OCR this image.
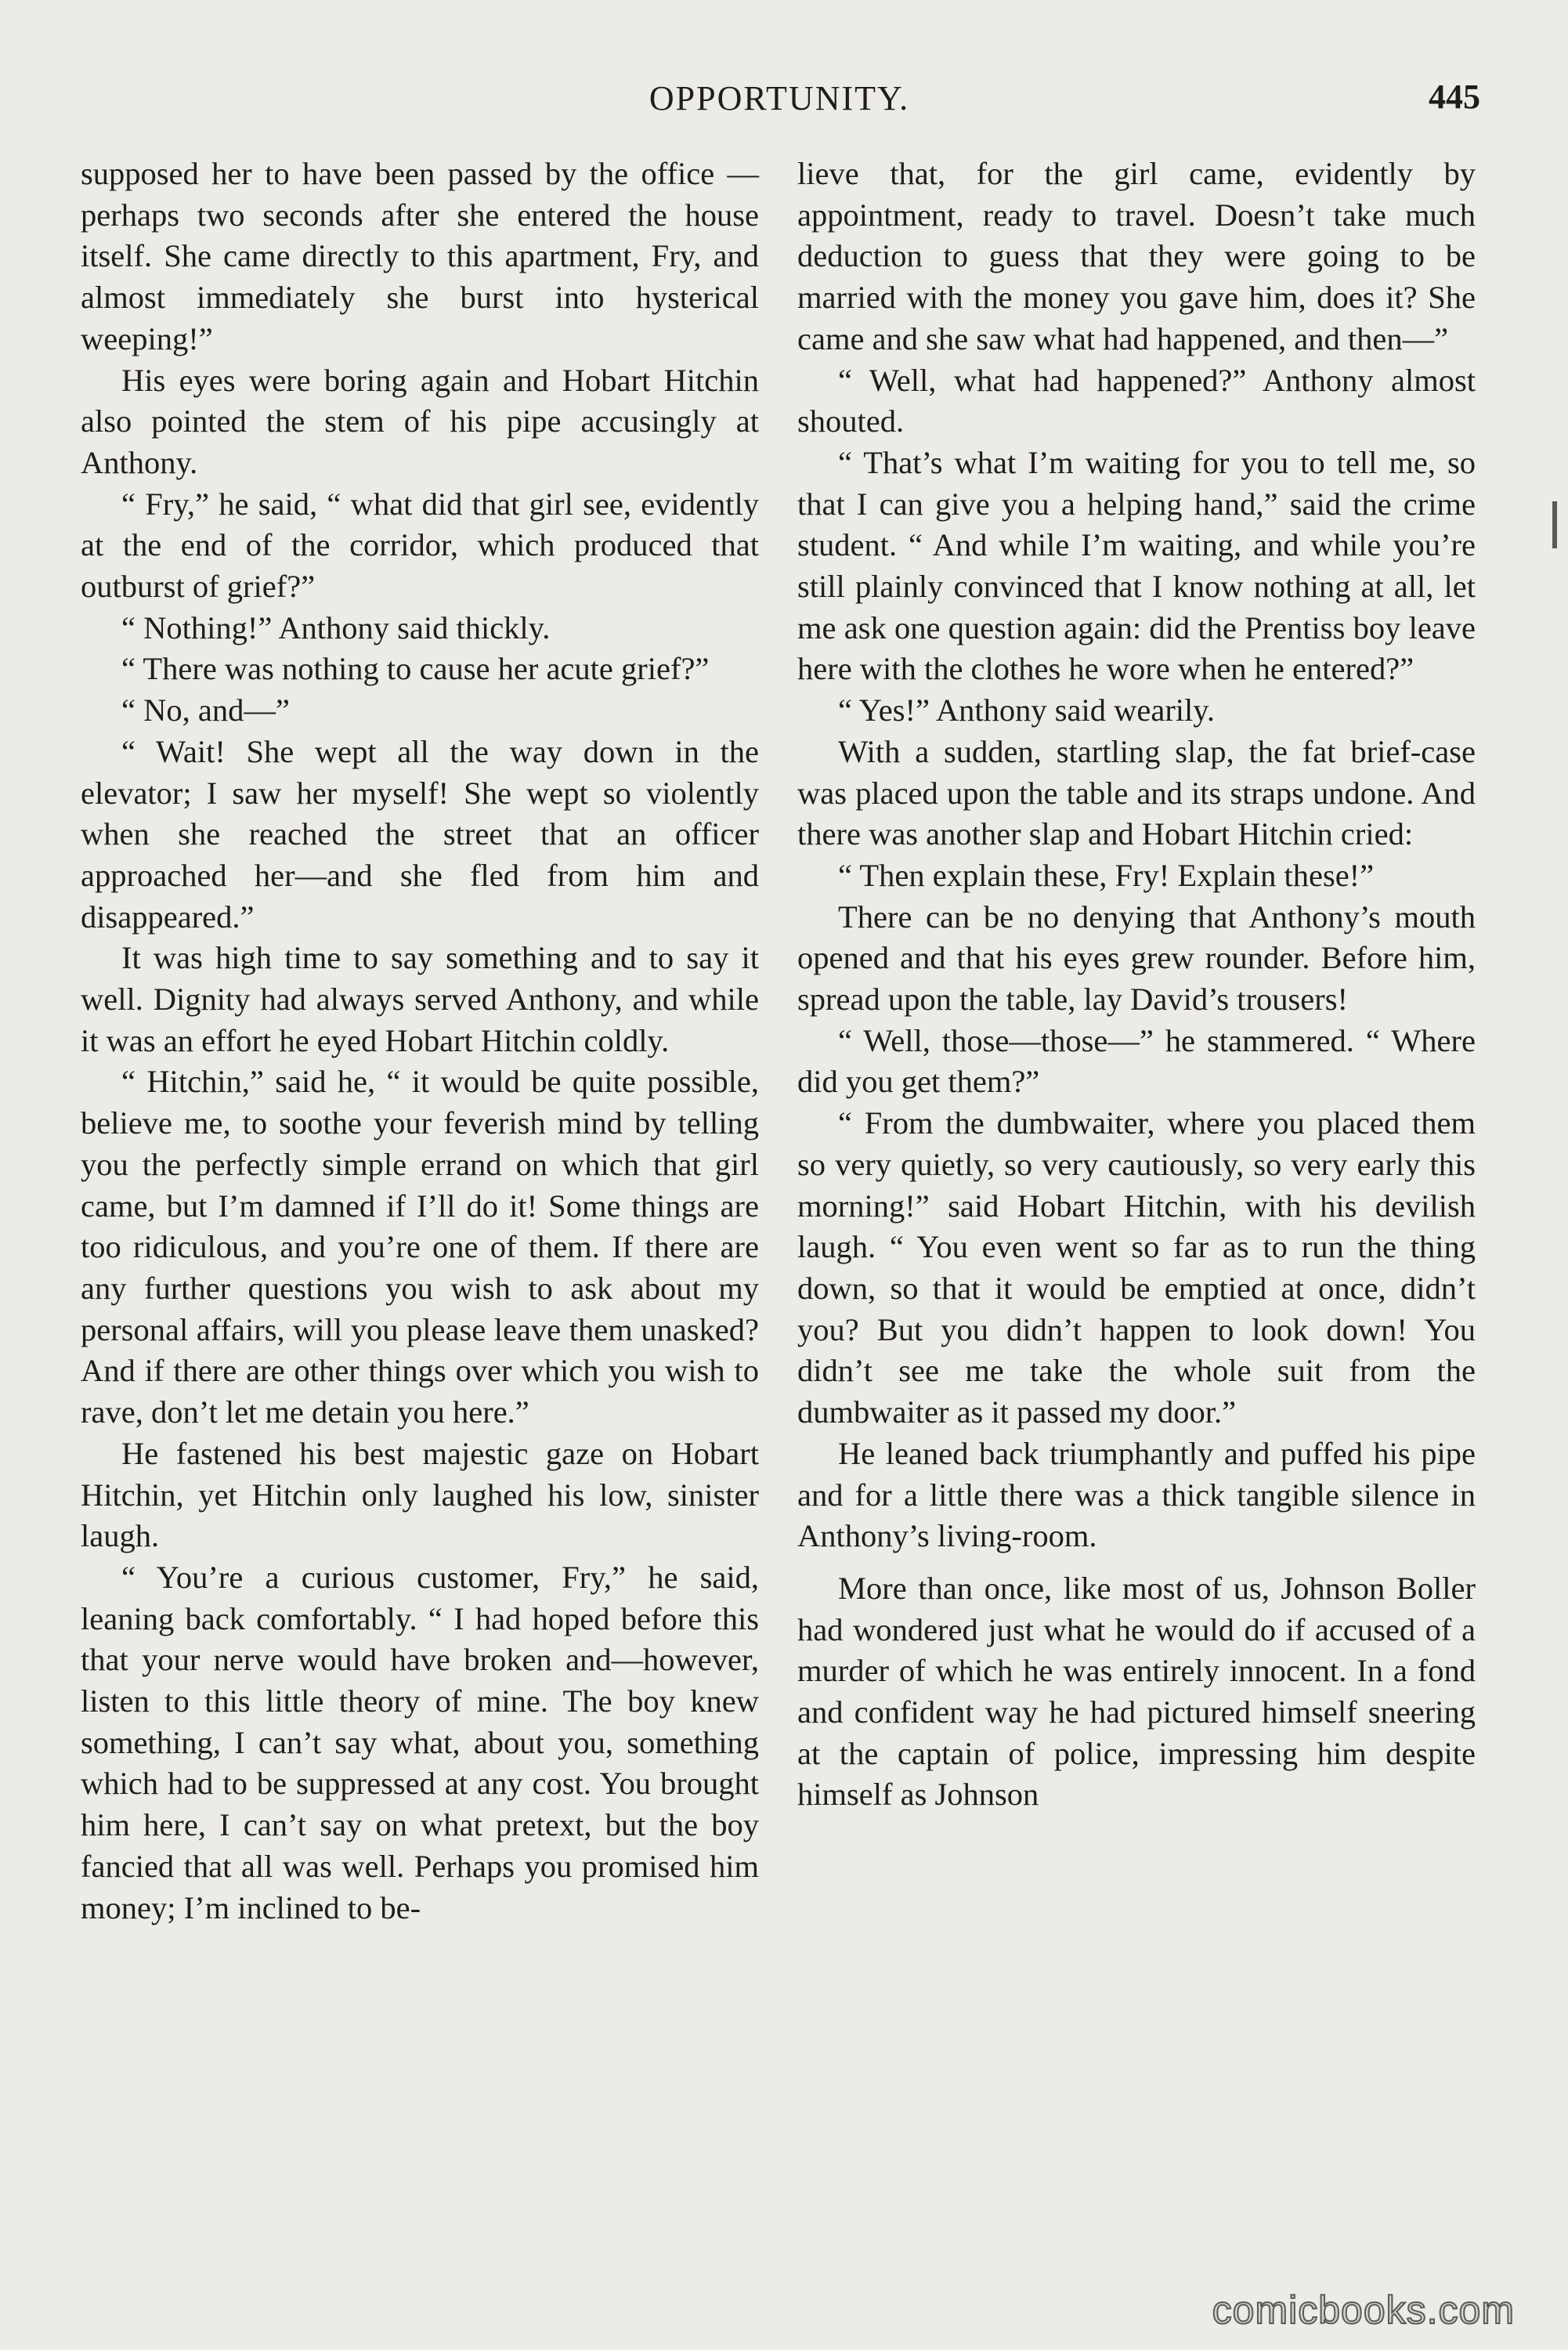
OPPORTUNITY.	445

supposed her to have been passed by the office — perhaps two seconds after she entered the house itself. She came directly to this apartment, Fry, and almost immediately she burst into hysterical weeping!”

His eyes were boring again and Hobart Hitchin also pointed the stem of his pipe accusingly at Anthony.

“ Fry,” he said, “ what did that girl see, evidently at the end of the corridor, which produced that outburst of grief?”

“ Nothing!” Anthony said thickly.

“ There was nothing to cause her acute grief?”

“ No, and—”

“ Wait! She wept all the way down in the elevator; I saw her myself! She wept so violently when she reached the street that an officer approached her—and she fled from him and disappeared.”

It was high time to say something and to say it well. Dignity had always served Anthony, and while it was an effort he eyed Hobart Hitchin coldly.

“ Hitchin,” said he, “ it would be quite possible, believe me, to soothe your feverish mind by telling you the perfectly simple errand on which that girl came, but I’m damned if I’ll do it! Some things are too ridiculous, and you’re one of them. If there are any further questions you wish to ask about my personal affairs, will you please leave them unasked? And if there are other things over which you wish to rave, don’t let me detain you here.”

He fastened his best majestic gaze on Hobart Hitchin, yet Hitchin only laughed his low, sinister laugh.

“ You’re a curious customer, Fry,” he said, leaning back comfortably. “ I had hoped before this that your nerve would have broken and—however, listen to this little theory of mine. The boy knew something, I can’t say what, about you, something which had to be suppressed at any cost. You brought him here, I can’t say on what pretext, but the boy fancied that all was well. Perhaps you promised him money; I’m inclined to be-

lieve that, for the girl came, evidently by appointment, ready to travel. Doesn’t take much deduction to guess that they were going to be married with the money you gave him, does it? She came and she saw what had happened, and then—”

“ Well, what had happened?” Anthony almost shouted.

“ That’s what I’m waiting for you to tell me, so that I can give you a helping hand,” said the crime student. “ And while I’m waiting, and while you’re still plainly convinced that I know nothing at all, let me ask one question again: did the Prentiss boy leave here with the clothes he wore when he entered?”

“ Yes!” Anthony said wearily.

With a sudden, startling slap, the fat brief-case was placed upon the table and its straps undone. And there was another slap and Hobart Hitchin cried:

“ Then explain these, Fry! Explain these!”

There can be no denying that Anthony’s mouth opened and that his eyes grew rounder. Before him, spread upon the table, lay David’s trousers!

“ Well, those—those—” he stammered. “ Where did you get them?”

“ From the dumbwaiter, where you placed them so very quietly, so very cautiously, so very early this morning!” said Hobart Hitchin, with his devilish laugh. “ You even went so far as to run the thing down, so that it would be emptied at once, didn’t you? But you didn’t happen to look down! You didn’t see me take the whole suit from the dumbwaiter as it passed my door.”

He leaned back triumphantly and puffed his pipe and for a little there was a thick tangible silence in Anthony’s living-room.

More than once, like most of us, Johnson Boller had wondered just what he would do if accused of a murder of which he was entirely innocent. In a fond and confident way he had pictured himself sneering at the captain of police, impressing him despite himself as Johnson

comicbooks.com
